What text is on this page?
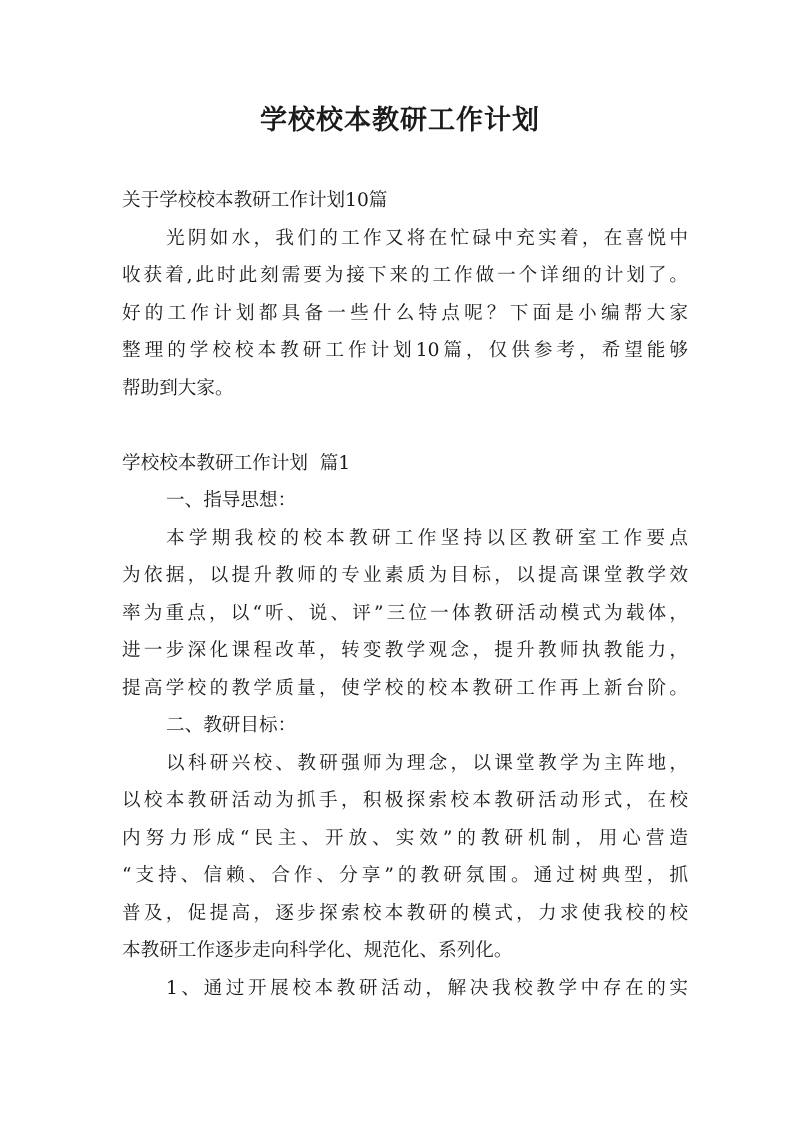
学校校本教研工作计划
关于学校校本教研工作计划10篇
光阴如水，我们的工作又将在忙碌中充实着，在喜悦中
收获着,此时此刻需要为接下来的工作做一个详细的计划了。
好的工作计划都具备一些什么特点呢？下面是小编帮大家
整理的学校校本教研工作计划10篇，仅供参考，希望能够
帮助到大家。
学校校本教研工作计划  篇1
一、指导思想：
本学期我校的校本教研工作坚持以区教研室工作要点
为依据，以提升教师的专业素质为目标，以提高课堂教学效
率为重点，以“听、说、评”三位一体教研活动模式为载体，
进一步深化课程改革，转变教学观念，提升教师执教能力，
提高学校的教学质量，使学校的校本教研工作再上新台阶。
二、教研目标：
以科研兴校、教研强师为理念，以课堂教学为主阵地，
以校本教研活动为抓手，积极探索校本教研活动形式，在校
内努力形成“民主、开放、实效”的教研机制，用心营造
“支持、信赖、合作、分享”的教研氛围。通过树典型，抓
普及，促提高，逐步探索校本教研的模式，力求使我校的校
本教研工作逐步走向科学化、规范化、系列化。
1、通过开展校本教研活动，解决我校教学中存在的实
